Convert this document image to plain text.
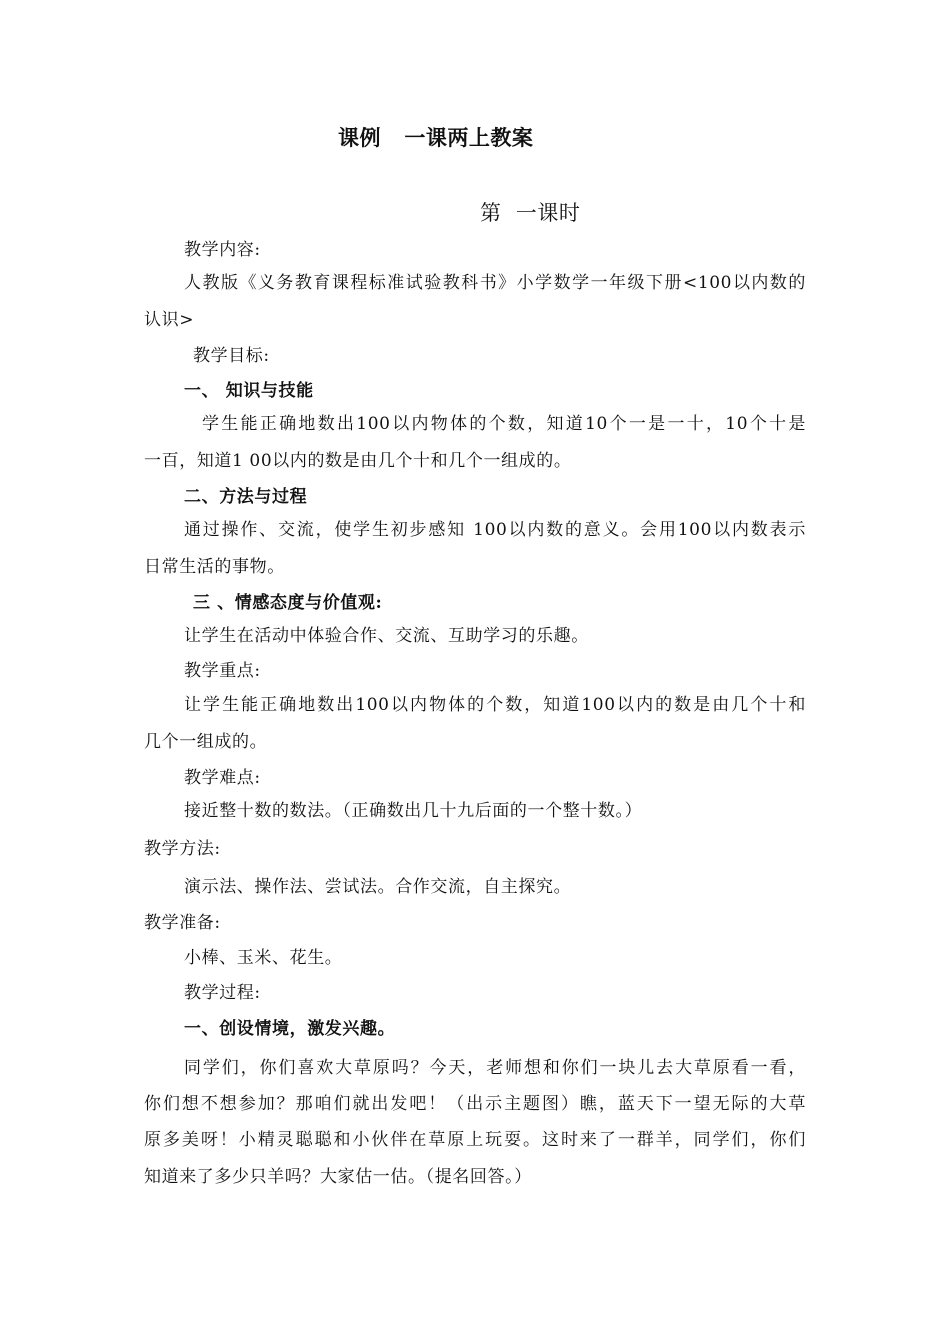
课例   一课两上教案
第  一课时
教学内容:
人教版《义务教育课程标准试验教科书》小学数学一年级下册<100以内数的
认识>
教学目标:
一、 知识与技能
学生能正确地数出100以内物体的个数，知道10个一是一十，10个十是
一百，知道1 00以内的数是由几个十和几个一组成的。
二、方法与过程
通过操作、交流，使学生初步感知 100以内数的意义。会用100以内数表示
日常生活的事物。
三 、情感态度与价值观:
让学生在活动中体验合作、交流、互助学习的乐趣。
教学重点:
让学生能正确地数出100以内物体的个数，知道100以内的数是由几个十和
几个一组成的。
教学难点:
接近整十数的数法。（正确数出几十九后面的一个整十数。）
教学方法:
演示法、操作法、尝试法。合作交流，自主探究。
教学准备:
小棒、玉米、花生。
教学过程:
一、创设情境，激发兴趣。
同学们，你们喜欢大草原吗？今天，老师想和你们一块儿去大草原看一看，
你们想不想参加？那咱们就出发吧！（出示主题图）瞧，蓝天下一望无际的大草
原多美呀！小精灵聪聪和小伙伴在草原上玩耍。这时来了一群羊，同学们，你们
知道来了多少只羊吗？大家估一估。（提名回答。）
